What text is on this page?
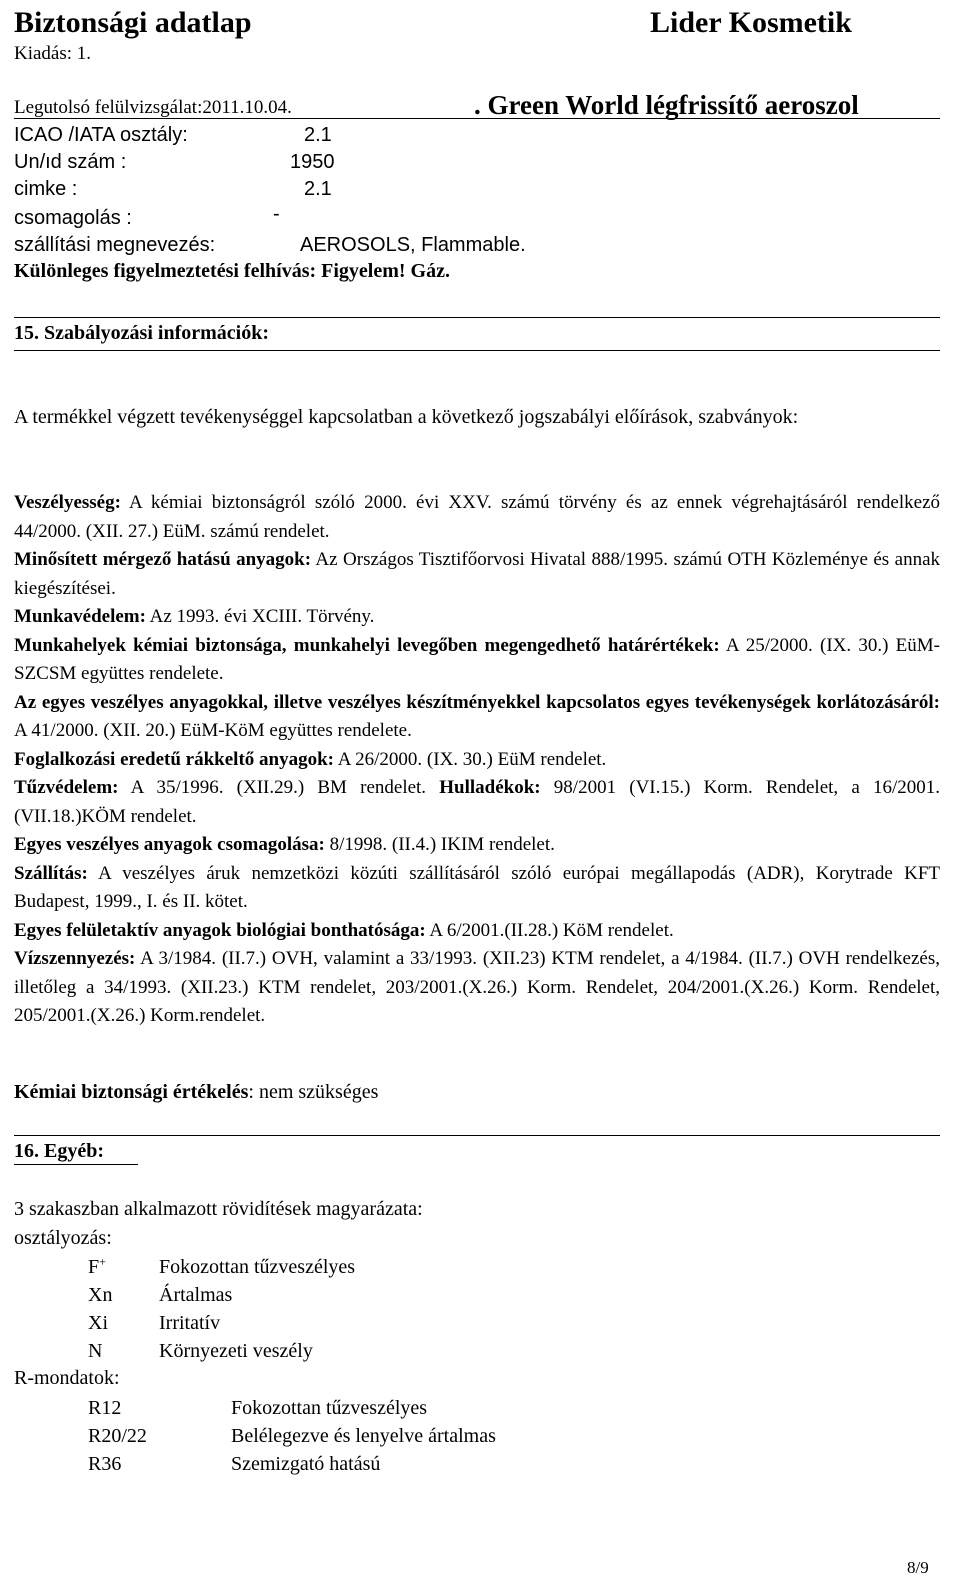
Biztonsági adatlap	Lider Kosmetik
Kiadás: 1.
Legutolsó felülvizsgálat:2011.10.04.	. Green World légfrissítő aeroszol
ICAO /IATA osztály:	2.1
Un/ıd szám :	1950
cimke :	2.1
csomagolás :	-
szállítási megnevezés:	AEROSOLS, Flammable.
Különleges figyelmeztetési felhívás: Figyelem! Gáz.
15. Szabályozási információk:

A termékkel végzett tevékenységgel kapcsolatban a következő jogszabályi előírások, szabványok:

Veszélyesség: A kémiai biztonságról szóló 2000. évi XXV. számú törvény és az ennek végrehajtásáról rendelkező 44/2000. (XII. 27.) EüM. számú rendelet.

Minősített mérgező hatású anyagok: Az Országos Tisztifőorvosi Hivatal 888/1995. számú OTH Közleménye és annak kiegészítései.

Munkavédelem: Az 1993. évi XCIII. Törvény.

Munkahelyek kémiai biztonsága, munkahelyi levegőben megengedhető határértékek: A 25/2000. (IX. 30.) EüM-SZCSM együttes rendelete.

Az egyes veszélyes anyagokkal, illetve veszélyes készítményekkel kapcsolatos egyes tevékenységek korlátozásáról: A 41/2000. (XII. 20.) EüM-KöM együttes rendelete.

Foglalkozási eredetű rákkeltő anyagok: A 26/2000. (IX. 30.) EüM rendelet.

Tűzvédelem: A 35/1996. (XII.29.) BM rendelet. Hulladékok: 98/2001 (VI.15.) Korm. Rendelet, a 16/2001.(VII.18.)KÖM rendelet.

Egyes veszélyes anyagok csomagolása: 8/1998. (II.4.) IKIM rendelet.

Szállítás: A veszélyes áruk nemzetközi közúti szállításáról szóló európai megállapodás (ADR), Korytrade KFT Budapest, 1999., I. és II. kötet.

Egyes felületaktív anyagok biológiai bonthatósága: A 6/2001.(II.28.) KöM rendelet.

Vízszennyezés: A 3/1984. (II.7.) OVH, valamint a 33/1993. (XII.23) KTM rendelet, a 4/1984. (II.7.) OVH rendelkezés, illetőleg a 34/1993. (XII.23.) KTM rendelet, 203/2001.(X.26.) Korm. Rendelet, 204/2001.(X.26.) Korm. Rendelet, 205/2001.(X.26.) Korm.rendelet.

Kémiai biztonsági értékelés: nem szükséges
16. Egyéb:
3 szakaszban alkalmazott rövidítések magyarázata:
osztályozás:
F+	Fokozottan tűzveszélyes
Xn Ártalmas
Xi	Irritatív
N	Környezeti veszély
R-mondatok:
R12	Fokozottan tűzveszélyes
R20/22	Belélegezve és lenyelve ártalmas
R36	Szemizgató hatású
8/9
